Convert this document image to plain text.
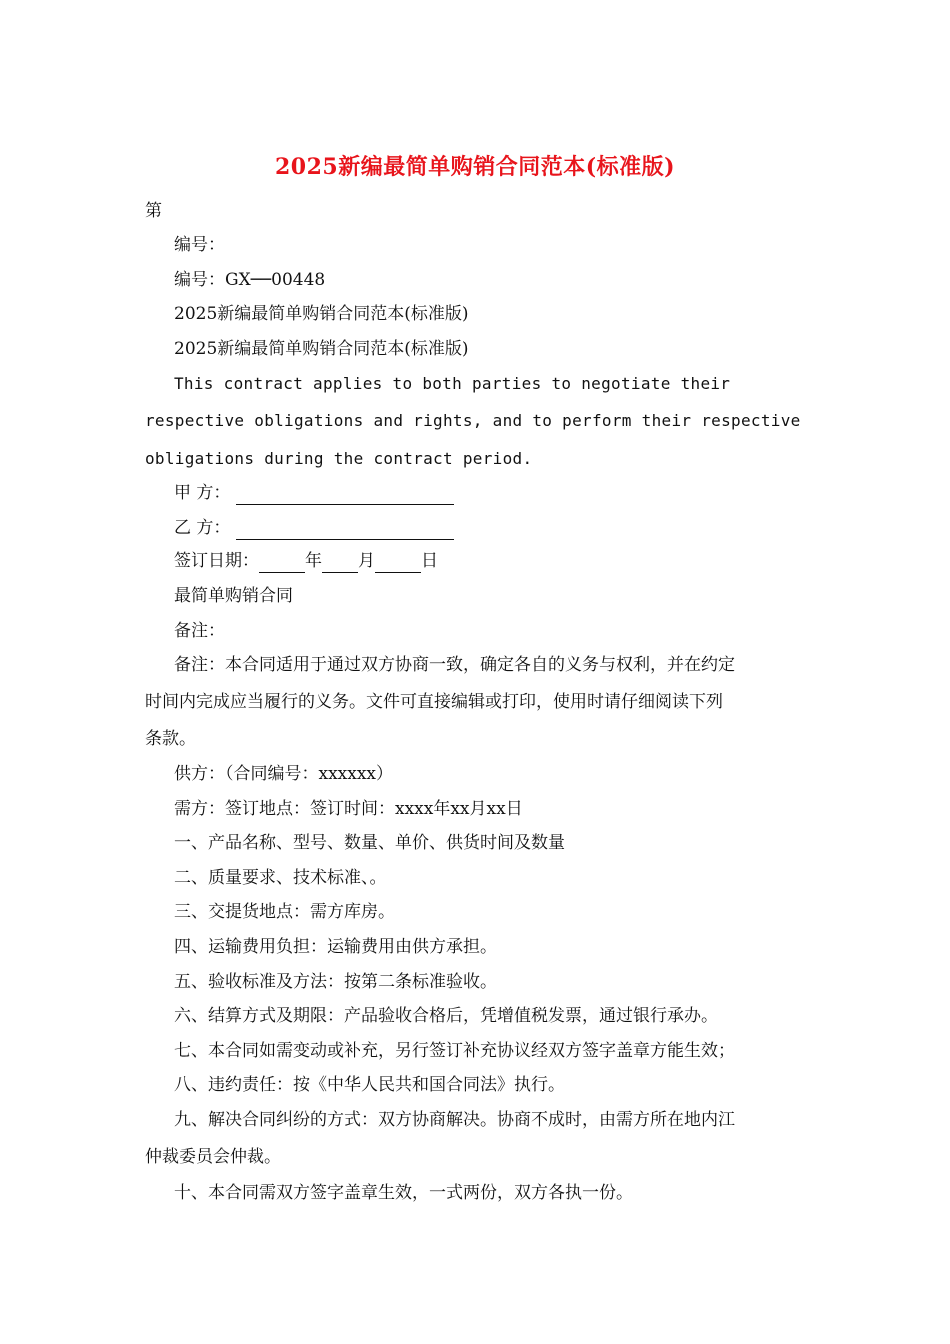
2025新编最简单购销合同范本(标准版)
第
编号：
编号：GX──00448
2025新编最简单购销合同范本(标准版)
2025新编最简单购销合同范本(标准版)
This contract applies to both parties to negotiate their
respective obligations and rights, and to perform their respective
obligations during the contract period.
甲 方：
乙 方：
签订日期：	年 月	日
最简单购销合同
备注：
备注：本合同适用于通过双方协商一致，确定各自的义务与权利，并在约定
时间内完成应当履行的义务。文件可直接编辑或打印，使用时请仔细阅读下列
条款。
供方：（合同编号：xxxxxx）
需方：签订地点：签订时间：xxxx年xx月xx日
一、产品名称、型号、数量、单价、供货时间及数量
二、质量要求、技术标准、。
三、交提货地点：需方库房。
四、运输费用负担：运输费用由供方承担。
五、验收标准及方法：按第二条标准验收。
六、结算方式及期限：产品验收合格后，凭增值税发票，通过银行承办。
七、本合同如需变动或补充，另行签订补充协议经双方签字盖章方能生效；
八、违约责任：按《中华人民共和国合同法》执行。
九、解决合同纠纷的方式：双方协商解决。协商不成时，由需方所在地内江
仲裁委员会仲裁。
十、本合同需双方签字盖章生效，一式两份，双方各执一份。
